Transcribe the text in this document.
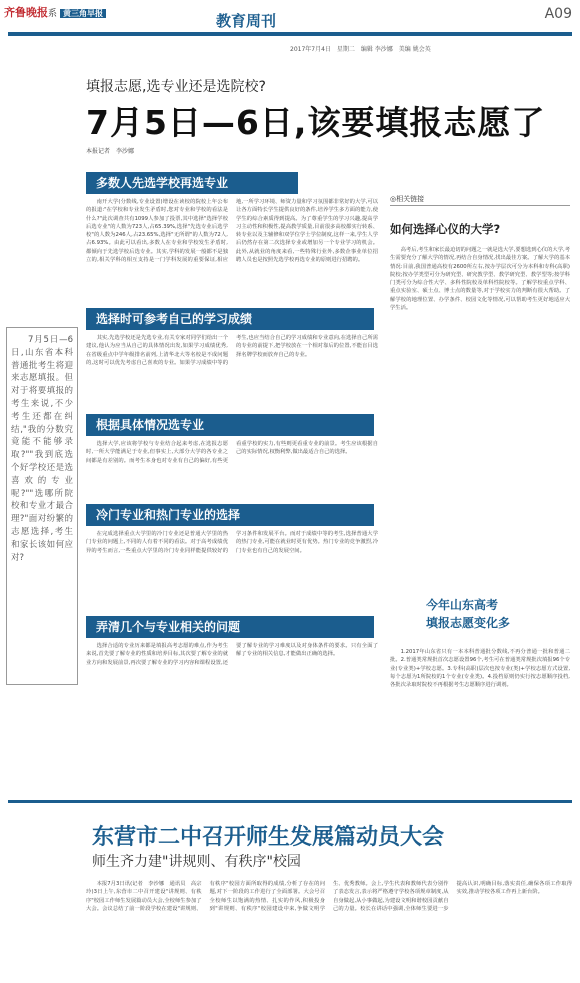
齐鲁晚报系 黄三角早报	教育周刊	A09
2017年7月4日　星期二　编辑 李沙娜　美编 姚会英
填报志愿,选专业还是选院校?
7月5日—6日,该要填报志愿了
本报记者　李沙娜
多数人先选学校再选专业

南开大学(分数线,专业设置)增设在读校的院校上年公布的报道:"在学校和专业发生矛盾时,您对专业和学校的看法是什么?"此次调查共有1099人参加了投票,其中选择"选择学校后选专业"的人数为723人,占65.39%,选择"先选专业后选学校"的人数为246人,占23.65%,选择"无所谓"的人数为72人,占6.93%。由此可以看出,多数人在专业和学校发生矛盾时,都倾向于先选学校后选专业。其实,学科的发展一般都不是独立的,相关学科的相互支持是一门学科发展的重要保证,相应地,一所学习环境、师资力量和学习氛围都非常好的大学,可以让各方面特长学生提供良好的条件,培养学生多方面的能力,使学生的综合素质得到提高。为了尊重学生的学习兴趣,提高学习主动性和积极性,提高教学质量,目前很多高校都实行转系、转专业以及主辅修和双学位学士学位制度,这样一来,学生人学后仍然存在第二次选择专业或增加另一个专业学习的机会。此外,从就业的角度来看,一些特殊行业外,多数企事业单位招聘人员也是按照先选学校再选专业的原则进行招聘的。

选择时可参考自己的学习成绩

其实,先选学校还是先选专业,有关专家对同学们给出一个建议,他认为应当从自己的具体情况出发,如果学习成绩优秀,在省级重点中学年级排名前列,上清华北大等名校是不成问题的,这时可以优先考虑自己喜欢的专业。如果学习成绩中等的考生,也应当结合自己的学习成绩和专业意向,在选择自己所需的专业的前提下,把学校放在一个相对靠后的位置,不能盲目选择名牌学校而放弃自己的专业。

根据具体情况选专业

选择大学,应该将学校与专业结合起来考虑,在选报志愿时,一所大学能满足于专业,但事实上,大部分大学的各专业之间都是有差别的。而考生本身也对专业有自己的偏好,有些更看重学校的实力,有些则更看重专业的前景。考生应该根据自己的实际情况,权衡利弊,做出最适合自己的选择。

冷门专业和热门专业的选择

在完成选择重点大学里的冷门专业还是普通大学里的热门专业的问题上,不同的人有着不同的看法。对于高考成绩优异的考生而言,一些重点大学里的冷门专业同样能提供较好的学习条件和发展平台。而对于成绩中等的考生,选择普通大学的热门专业,可能在就业时更有优势。热门专业的竞争激烈,冷门专业也有自己的发展空间。

弄清几个与专业相关的问题

选择合适的专业历来都是填报高考志愿的难点,作为考生来说,首先要了解专业的性质和培养目标,其次要了解专业的就业方向和发展前景,再次要了解专业的学习内容和课程设置,还要了解专业的学习难度以及对身体条件的要求。只有全面了解了专业的相关信息,才能做出正确的选择。

7月5日—6日,山东省本科普通批考生将迎来志愿填报。但对于将要填报的考生来说,不少考生还都在纠结,"我的分数究竟能不能够录取?""我到底选个好学校还是选喜欢的专业呢?""选哪所院校和专业才最合理?"面对纷繁的志愿选择,考生和家长该如何应对?

◎相关链接
如何选择心仪的大学?

高考后,考生和家长最迫切的问题之一就是选大学,要想选到心仪的大学,考生需要充分了解大学的情况,再结合自身情况,找出最佳方案。了解大学的基本情况:目前,我国普通高校有2600所左右,按办学层次可分为本科和专科(高职)院校;按办学类型可分为研究型、研究教学型、教学研究型、教学型等;按学科门类可分为综合性大学、多科性院校及单科性院校等。了解学校重点学科、重点实验室、硕士点、博士点的数量等,对于学校实力的判断有很大帮助。了解学校的地理位置、办学条件、校园文化等情况,可以帮助考生更好地适应大学生活。

今年山东高考
填报志愿变化多

1.2017年山东省只有一本本科普通批分数线,不再分普通一批和普通二批。2.普通类常规批首次志愿设置96个,考生可在普通类常规批次填报96个专业(专业类)+学校志愿。3.专科(高职)层次也按专业(类)+学校志愿方式设置,每个志愿为1所院校的1个专业(专业类)。4.投档原则仍实行按志愿顺序投档,各批次录取时院校不再根据考生志愿顺序进行调剂。

东营市二中召开师生发展篇动员大会
师生齐力建"讲规则、有秩序"校园

本报7月3日讯(记者　李沙娜　通讯员　高宗玲)3日上午,东营市二中召开建设"讲规则、有秩序"校园工作师生发展篇动员大会,全校师生参加了大会。会议总结了前一阶段学校在建设"讲规则、有秩序"校园方面所取得的成绩,分析了存在的问题,对下一阶段的工作进行了全面部署。大会号召全校师生以饱满的热情、扎实的作风,积极投身到"讲规则、有秩序"校园建设中来,争做文明学生、优秀教师。会上,学生代表和教师代表分别作了表态发言,表示将严格遵守学校各项规章制度,从自身做起,从小事做起,为建设文明和谐校园贡献自己的力量。校长在讲话中强调,全体师生要进一步提高认识,明确目标,落实责任,确保各项工作取得实效,推动学校各项工作再上新台阶。
